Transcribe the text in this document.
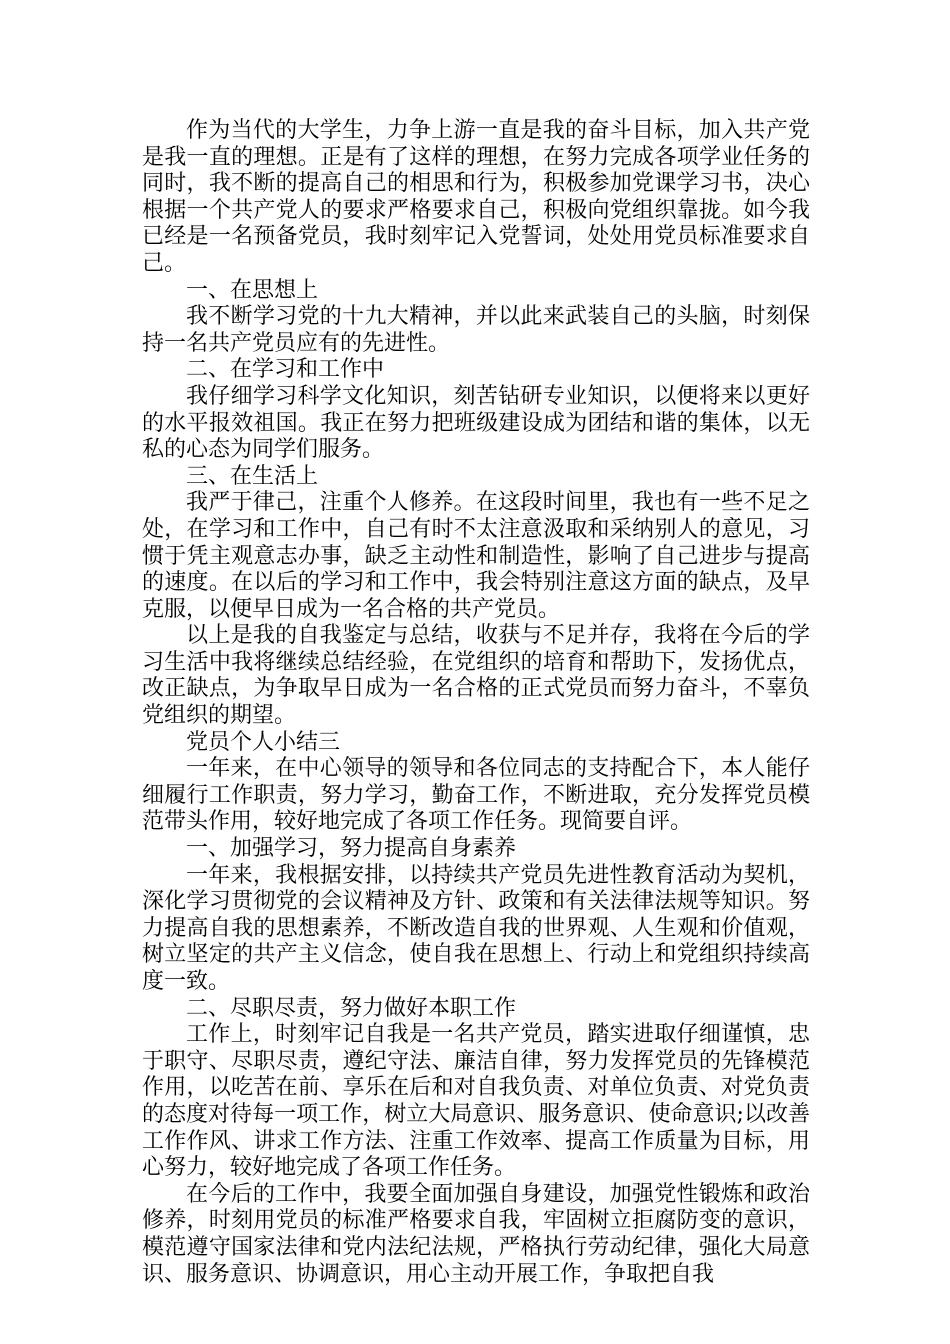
作为当代的大学生，力争上游一直是我的奋斗目标，加入共产党是我一直的理想。正是有了这样的理想，在努力完成各项学业任务的同时，我不断的提高自己的相思和行为，积极参加党课学习书，决心根据一个共产党人的要求严格要求自己，积极向党组织靠拢。如今我已经是一名预备党员，我时刻牢记入党誓词，处处用党员标准要求自己。

一、在思想上

我不断学习党的十九大精神，并以此来武装自己的头脑，时刻保持一名共产党员应有的先进性。

二、在学习和工作中

我仔细学习科学文化知识，刻苦钻研专业知识，以便将来以更好的水平报效祖国。我正在努力把班级建设成为团结和谐的集体，以无私的心态为同学们服务。

三、在生活上

我严于律己，注重个人修养。在这段时间里，我也有一些不足之处，在学习和工作中，自己有时不太注意汲取和采纳别人的意见，习惯于凭主观意志办事，缺乏主动性和制造性，影响了自己进步与提高的速度。在以后的学习和工作中，我会特别注意这方面的缺点，及早克服，以便早日成为一名合格的共产党员。

以上是我的自我鉴定与总结，收获与不足并存，我将在今后的学习生活中我将继续总结经验，在党组织的培育和帮助下，发扬优点，改正缺点，为争取早日成为一名合格的正式党员而努力奋斗，不辜负党组织的期望。

党员个人小结三

一年来，在中心领导的领导和各位同志的支持配合下，本人能仔细履行工作职责，努力学习，勤奋工作，不断进取，充分发挥党员模范带头作用，较好地完成了各项工作任务。现简要自评。

一、加强学习，努力提高自身素养

一年来，我根据安排，以持续共产党员先进性教育活动为契机，深化学习贯彻党的会议精神及方针、政策和有关法律法规等知识。努力提高自我的思想素养，不断改造自我的世界观、人生观和价值观，树立坚定的共产主义信念，使自我在思想上、行动上和党组织持续高度一致。

二、尽职尽责，努力做好本职工作

工作上，时刻牢记自我是一名共产党员，踏实进取仔细谨慎，忠于职守、尽职尽责，遵纪守法、廉洁自律，努力发挥党员的先锋模范作用，以吃苦在前、享乐在后和对自我负责、对单位负责、对党负责的态度对待每一项工作，树立大局意识、服务意识、使命意识;以改善工作作风、讲求工作方法、注重工作效率、提高工作质量为目标，用心努力，较好地完成了各项工作任务。

在今后的工作中，我要全面加强自身建设，加强党性锻炼和政治修养，时刻用党员的标准严格要求自我，牢固树立拒腐防变的意识，模范遵守国家法律和党内法纪法规，严格执行劳动纪律，强化大局意识、服务意识、协调意识，用心主动开展工作，争取把自我
